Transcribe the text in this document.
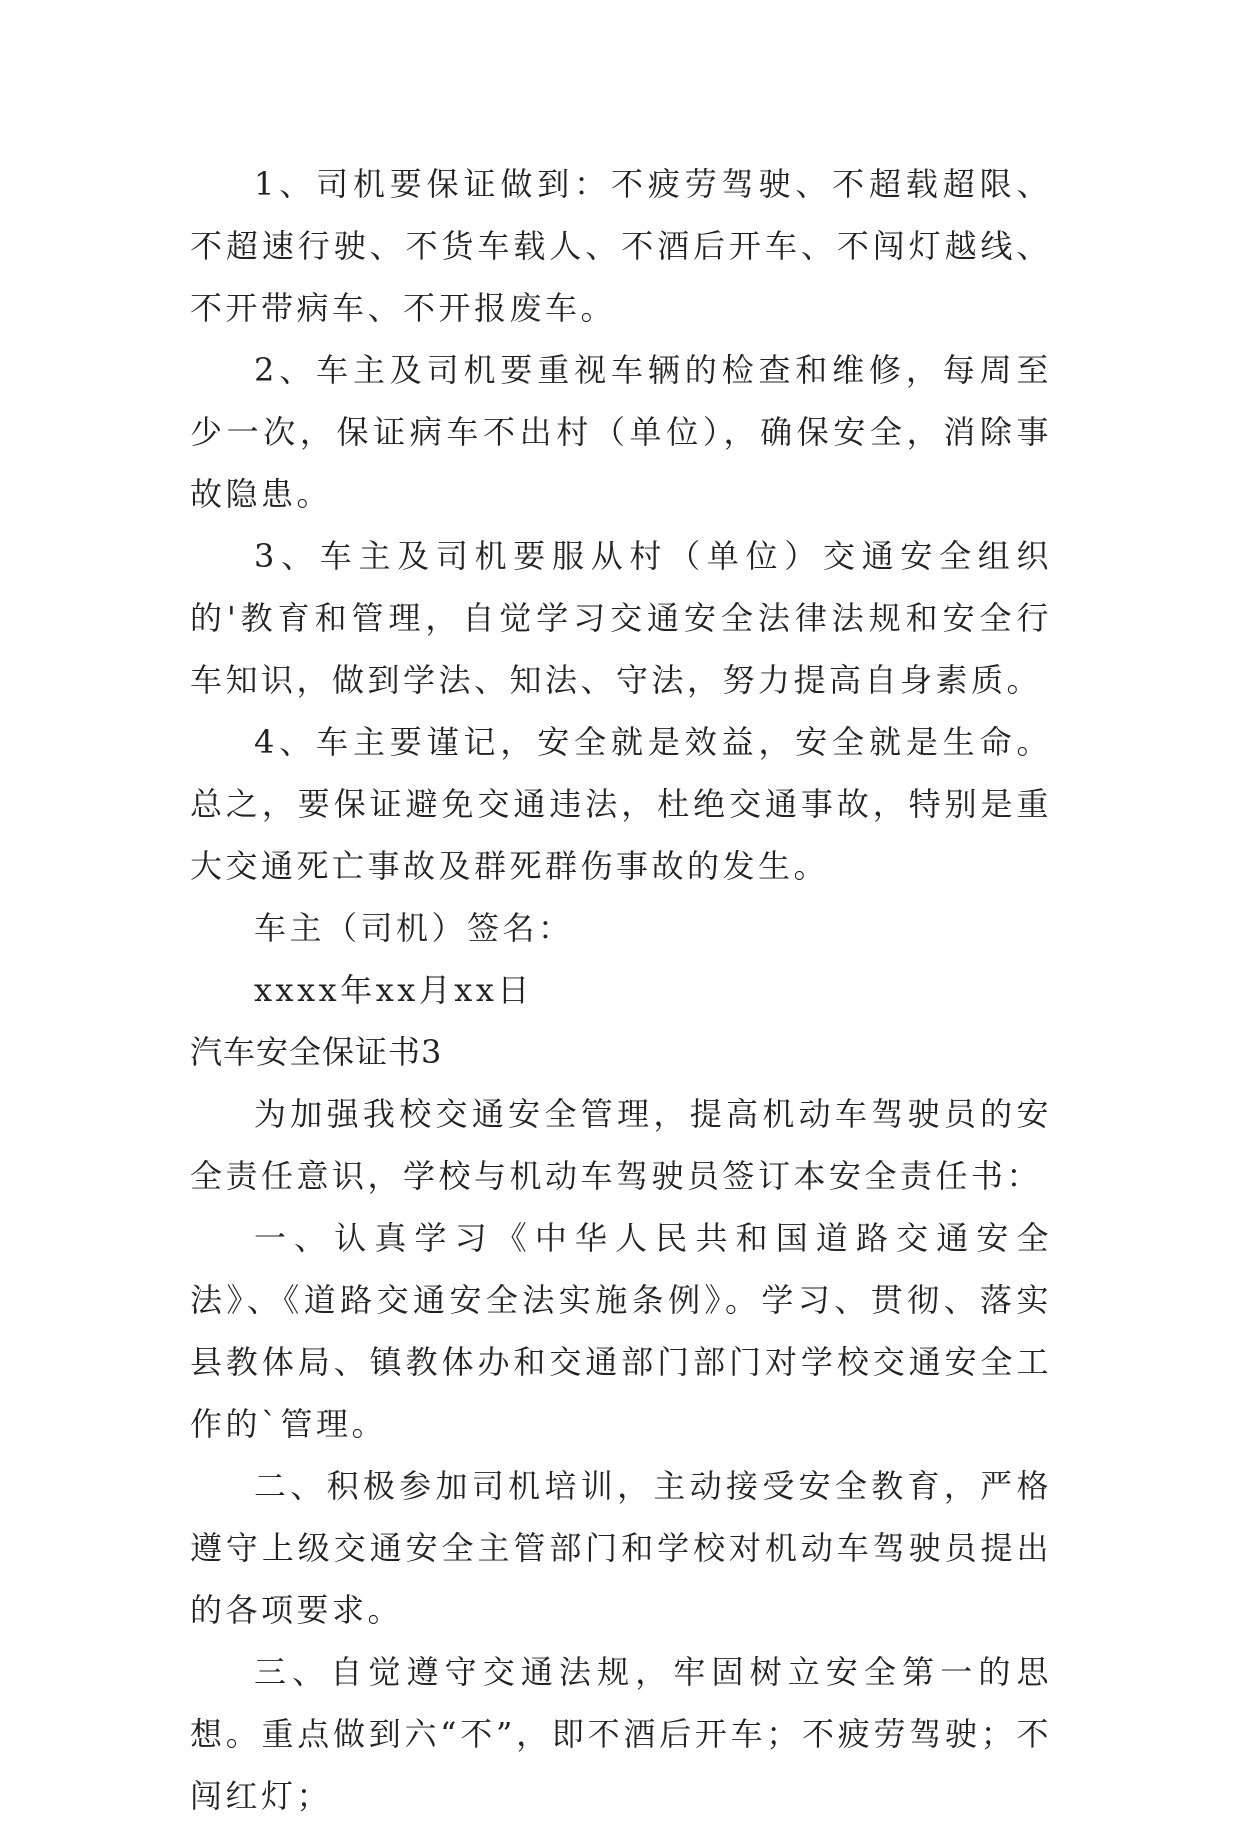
1、司机要保证做到：不疲劳驾驶、不超载超限、不超速行驶、不货车载人、不酒后开车、不闯灯越线、不开带病车、不开报废车。

2、车主及司机要重视车辆的检查和维修，每周至少一次，保证病车不出村（单位），确保安全，消除事故隐患。

3、车主及司机要服从村（单位）交通安全组织的'教育和管理，自觉学习交通安全法律法规和安全行车知识，做到学法、知法、守法，努力提高自身素质。

4、车主要谨记，安全就是效益，安全就是生命。总之，要保证避免交通违法，杜绝交通事故，特别是重大交通死亡事故及群死群伤事故的发生。

车主（司机）签名：

xxxx年xx月xx日

汽车安全保证书3

为加强我校交通安全管理，提高机动车驾驶员的安全责任意识，学校与机动车驾驶员签订本安全责任书：

一、认真学习《中华人民共和国道路交通安全法》、《道路交通安全法实施条例》。学习、贯彻、落实县教体局、镇教体办和交通部门部门对学校交通安全工作的`管理。

二、积极参加司机培训，主动接受安全教育，严格遵守上级交通安全主管部门和学校对机动车驾驶员提出的各项要求。

三、自觉遵守交通法规，牢固树立安全第一的思想。重点做到六“不”，即不酒后开车；不疲劳驾驶；不闯红灯；
